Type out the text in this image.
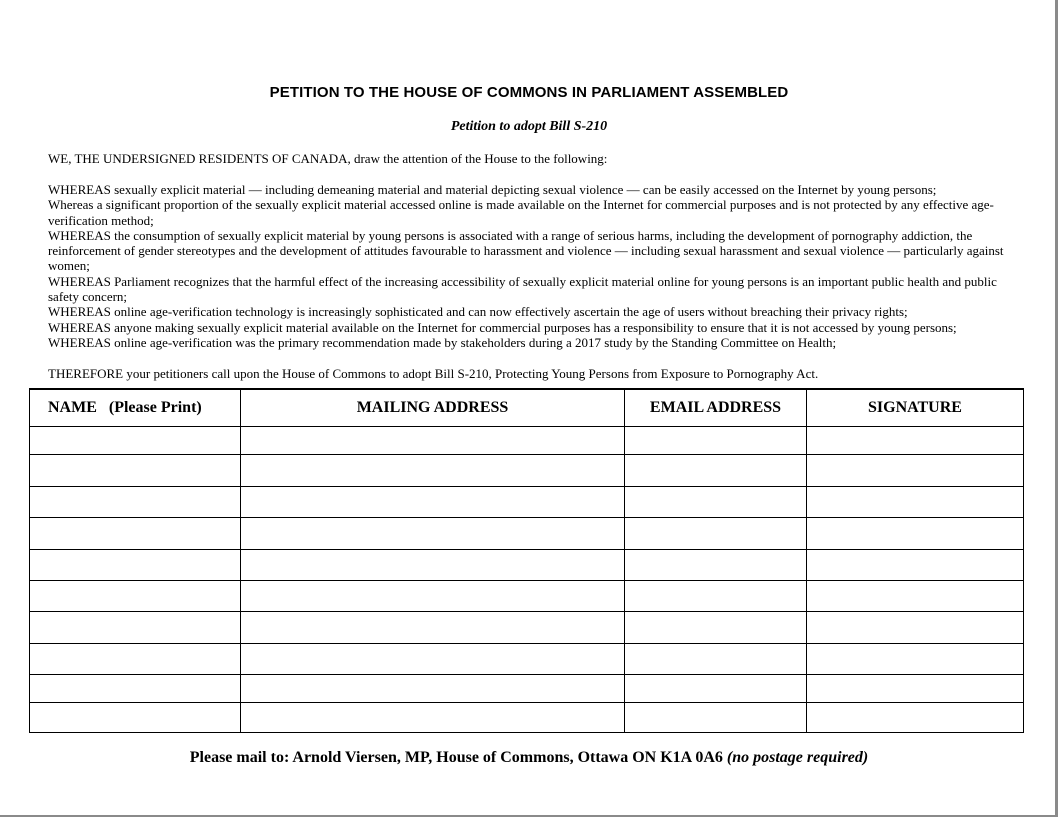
PETITION TO THE HOUSE OF COMMONS IN PARLIAMENT ASSEMBLED
Petition to adopt Bill S-210
WE, THE UNDERSIGNED RESIDENTS OF CANADA, draw the attention of the House to the following:
WHEREAS sexually explicit material — including demeaning material and material depicting sexual violence — can be easily accessed on the Internet by young persons;
Whereas a significant proportion of the sexually explicit material accessed online is made available on the Internet for commercial purposes and is not protected by any effective age-verification method;
WHEREAS the consumption of sexually explicit material by young persons is associated with a range of serious harms, including the development of pornography addiction, the reinforcement of gender stereotypes and the development of attitudes favourable to harassment and violence — including sexual harassment and sexual violence — particularly against women;
WHEREAS Parliament recognizes that the harmful effect of the increasing accessibility of sexually explicit material online for young persons is an important public health and public safety concern;
WHEREAS online age-verification technology is increasingly sophisticated and can now effectively ascertain the age of users without breaching their privacy rights;
WHEREAS anyone making sexually explicit material available on the Internet for commercial purposes has a responsibility to ensure that it is not accessed by young persons;
WHEREAS online age-verification was the primary recommendation made by stakeholders during a 2017 study by the Standing Committee on Health;
THEREFORE your petitioners call upon the House of Commons to adopt Bill S-210, Protecting Young Persons from Exposure to Pornography Act.
NAME   (Please Print)	MAILING ADDRESS	EMAIL ADDRESS	SIGNATURE

Please mail to: Arnold Viersen, MP, House of Commons, Ottawa ON K1A 0A6 (no postage required)
